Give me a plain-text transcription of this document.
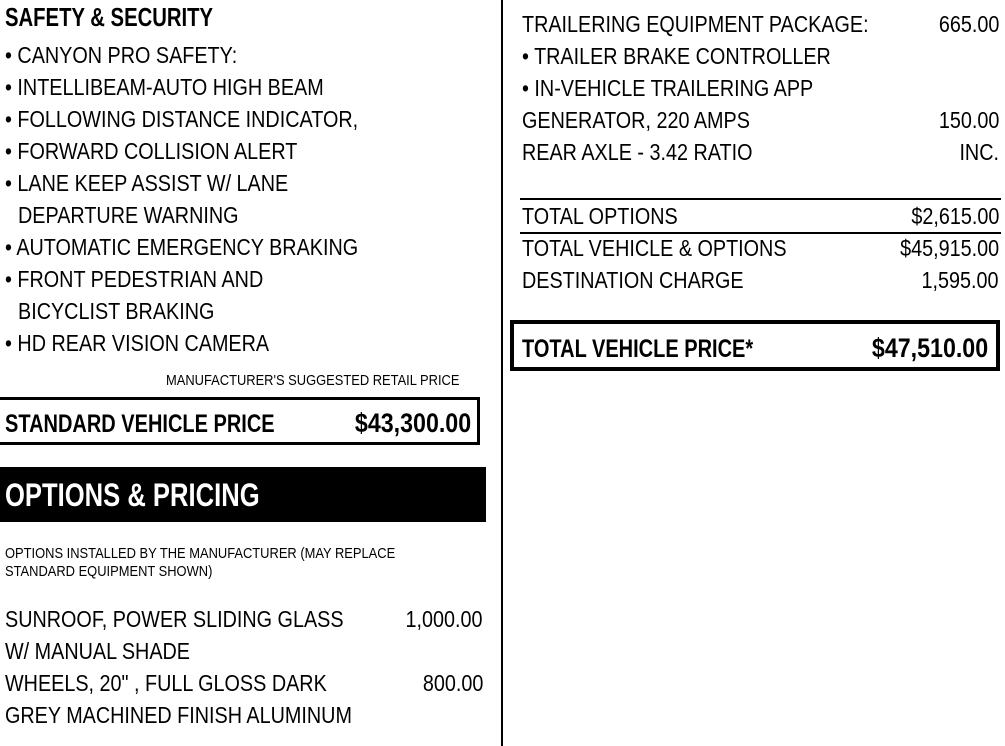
SAFETY & SECURITY
• CANYON PRO SAFETY:
• INTELLIBEAM-AUTO HIGH BEAM
• FOLLOWING DISTANCE INDICATOR,
• FORWARD COLLISION ALERT
• LANE KEEP ASSIST W/ LANE
DEPARTURE WARNING
• AUTOMATIC EMERGENCY BRAKING
• FRONT PEDESTRIAN AND
BICYCLIST BRAKING
• HD REAR VISION CAMERA
MANUFACTURER'S SUGGESTED RETAIL PRICE
STANDARD VEHICLE PRICE	$43,300.00
OPTIONS & PRICING
OPTIONS INSTALLED BY THE MANUFACTURER (MAY REPLACE STANDARD EQUIPMENT SHOWN)
SUNROOF, POWER SLIDING GLASS	1,000.00
W/ MANUAL SHADE
WHEELS, 20" , FULL GLOSS DARK	800.00
GREY MACHINED FINISH ALUMINUM
TRAILERING EQUIPMENT PACKAGE:	665.00
• TRAILER BRAKE CONTROLLER
• IN-VEHICLE TRAILERING APP
GENERATOR, 220 AMPS	150.00
REAR AXLE - 3.42 RATIO	INC.
TOTAL OPTIONS	$2,615.00
TOTAL VEHICLE & OPTIONS	$45,915.00
DESTINATION CHARGE	1,595.00
TOTAL VEHICLE PRICE*	$47,510.00
